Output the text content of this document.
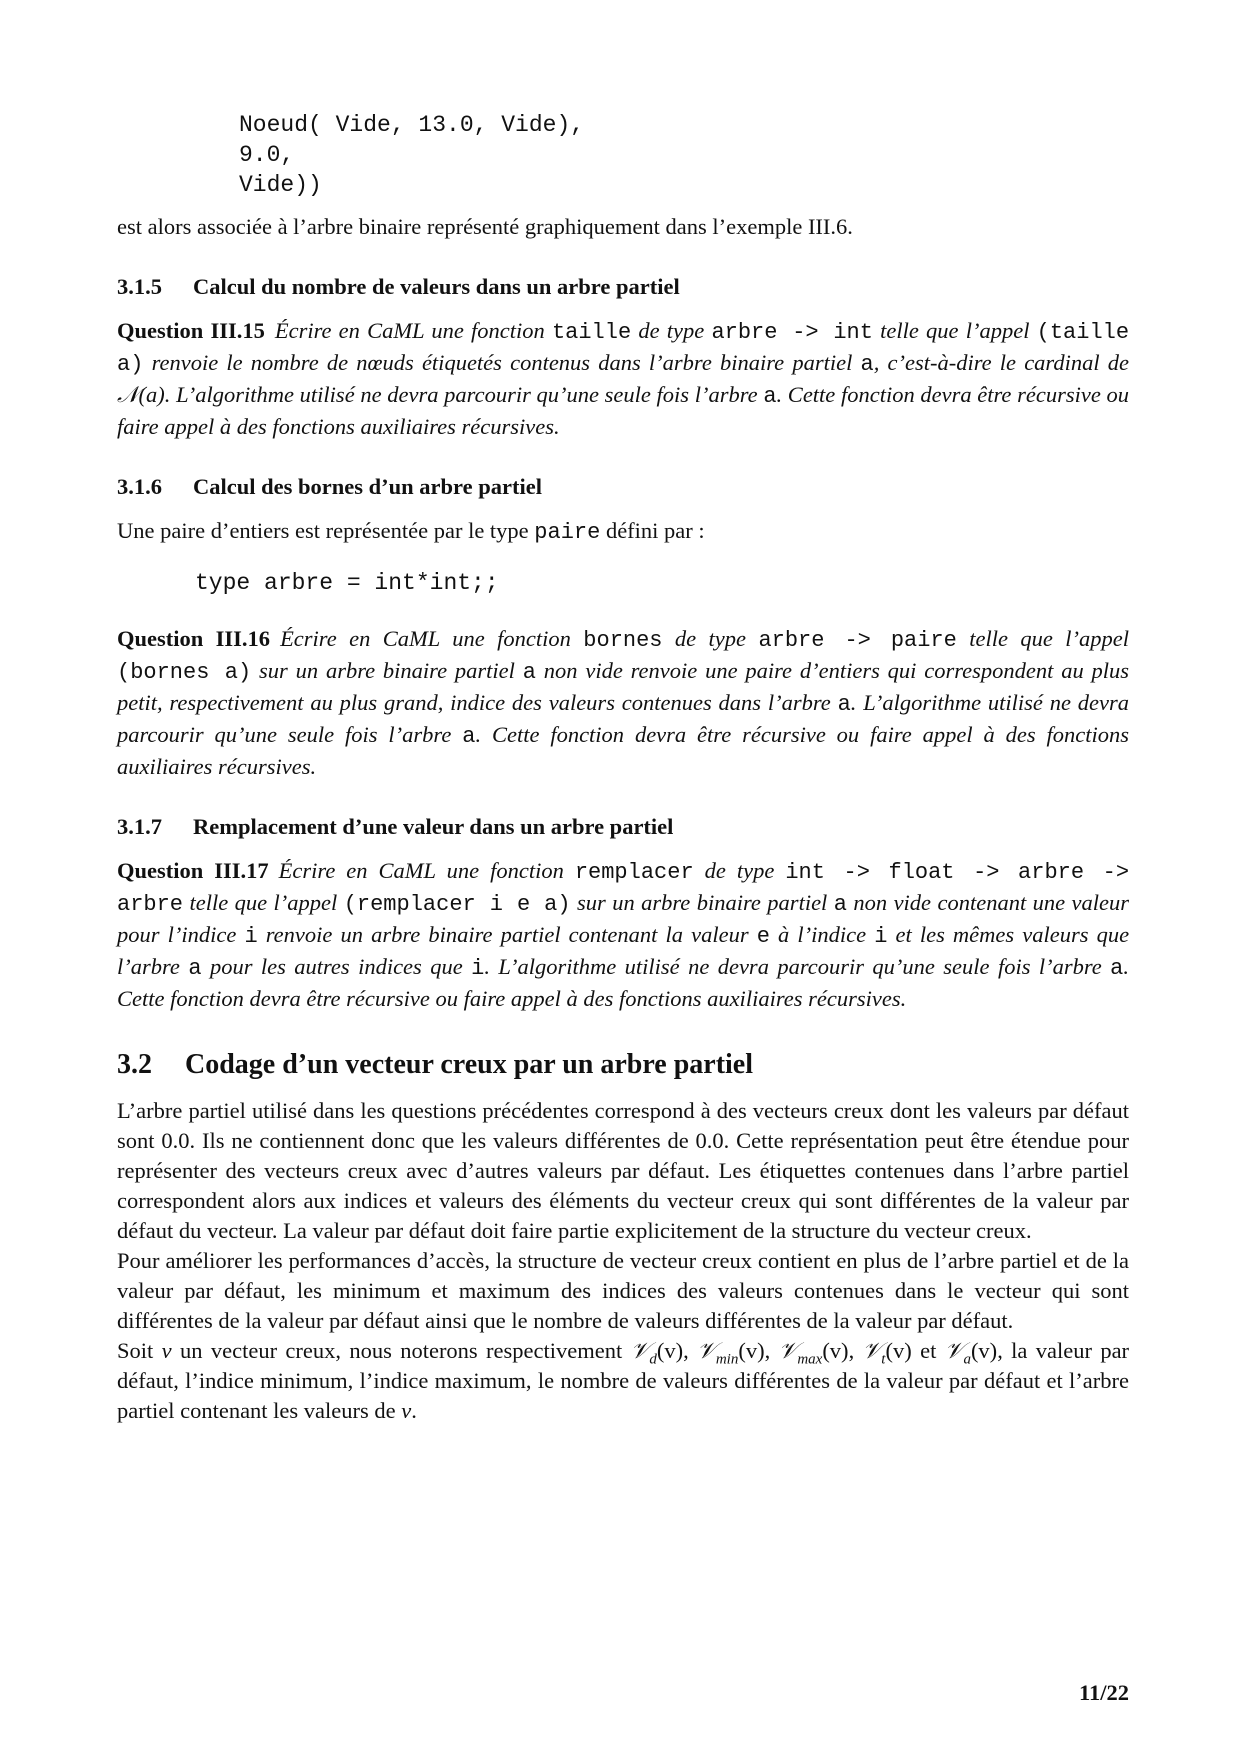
Noeud( Vide, 13.0, Vide),
9.0,
Vide))

est alors associée à l’arbre binaire représenté graphiquement dans l’exemple III.6.

3.1.5 Calcul du nombre de valeurs dans un arbre partiel

Question III.15 Écrire en CaML une fonction taille de type arbre -> int telle que l’appel (taille a) renvoie le nombre de nœuds étiquetés contenus dans l’arbre binaire partiel a, c’est-à-dire le cardinal de 𝒩(a). L’algorithme utilisé ne devra parcourir qu’une seule fois l’arbre a. Cette fonction devra être récursive ou faire appel à des fonctions auxiliaires récursives.

3.1.6 Calcul des bornes d’un arbre partiel

Une paire d’entiers est représentée par le type paire défini par :

type arbre = int*int;;

Question III.16 Écrire en CaML une fonction bornes de type arbre -> paire telle que l’appel (bornes a) sur un arbre binaire partiel a non vide renvoie une paire d’entiers qui correspondent au plus petit, respectivement au plus grand, indice des valeurs contenues dans l’arbre a. L’algorithme utilisé ne devra parcourir qu’une seule fois l’arbre a. Cette fonction devra être récursive ou faire appel à des fonctions auxiliaires récursives.

3.1.7 Remplacement d’une valeur dans un arbre partiel

Question III.17 Écrire en CaML une fonction remplacer de type int -> float -> arbre -> arbre telle que l’appel (remplacer i e a) sur un arbre binaire partiel a non vide contenant une valeur pour l’indice i renvoie un arbre binaire partiel contenant la valeur e à l’indice i et les mêmes valeurs que l’arbre a pour les autres indices que i. L’algorithme utilisé ne devra parcourir qu’une seule fois l’arbre a. Cette fonction devra être récursive ou faire appel à des fonctions auxiliaires récursives.

3.2 Codage d’un vecteur creux par un arbre partiel

L’arbre partiel utilisé dans les questions précédentes correspond à des vecteurs creux dont les valeurs par défaut sont 0.0. Ils ne contiennent donc que les valeurs différentes de 0.0. Cette représentation peut être étendue pour représenter des vecteurs creux avec d’autres valeurs par défaut. Les étiquettes contenues dans l’arbre partiel correspondent alors aux indices et valeurs des éléments du vecteur creux qui sont différentes de la valeur par défaut du vecteur. La valeur par défaut doit faire partie explicitement de la structure du vecteur creux.

Pour améliorer les performances d’accès, la structure de vecteur creux contient en plus de l’arbre partiel et de la valeur par défaut, les minimum et maximum des indices des valeurs contenues dans le vecteur qui sont différentes de la valeur par défaut ainsi que le nombre de valeurs différentes de la valeur par défaut.

Soit v un vecteur creux, nous noterons respectivement 𝒱$_d$(v), 𝒱$_{min}$(v), 𝒱$_{max}$(v), 𝒱$_t$(v) et 𝒱$_a$(v), la valeur par défaut, l’indice minimum, l’indice maximum, le nombre de valeurs différentes de la valeur par défaut et l’arbre partiel contenant les valeurs de v.

11/22
